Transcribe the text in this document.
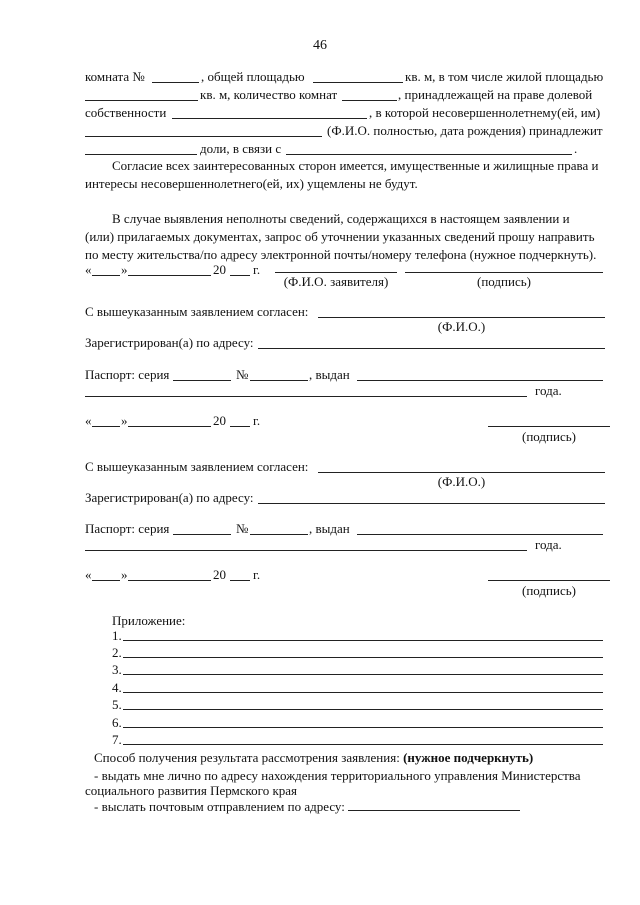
46
комната №	, общей площадью	кв. м, в том числе жилой площадью
кв. м, количество комнат	, принадлежащей на праве долевой
собственности	, в которой несовершеннолетнему(ей, им)
(Ф.И.О. полностью, дата рождения) принадлежит
доли, в связи с	.
Согласие всех заинтересованных сторон имеется, имущественные и жилищные права и
интересы несовершеннолетнего(ей, их) ущемлены не будут.
В случае выявления неполноты сведений, содержащихся в настоящем заявлении и
(или) прилагаемых документах, запрос об уточнении указанных сведений прошу направить
по месту жительства/по адресу электронной почты/номеру телефона (нужное подчеркнуть).
« »	20 г.
(Ф.И.О. заявителя)	(подпись)
С вышеуказанным заявлением согласен:
(Ф.И.О.)
Зарегистрирован(а) по адресу:
Паспорт: серия	№	, выдан
года.
« »	20 г.
(подпись)
С вышеуказанным заявлением согласен:
(Ф.И.О.)
Зарегистрирован(а) по адресу:
Паспорт: серия	№	, выдан
года.
« »	20 г.
(подпись)
Приложение:
1.
2.
3.
4.
5.
6.
7.
Способ получения результата рассмотрения заявления: (нужное подчеркнуть)
- выдать мне лично по адресу нахождения территориального управления Министерства
социального развития Пермского края
- выслать почтовым отправлением по адресу:
